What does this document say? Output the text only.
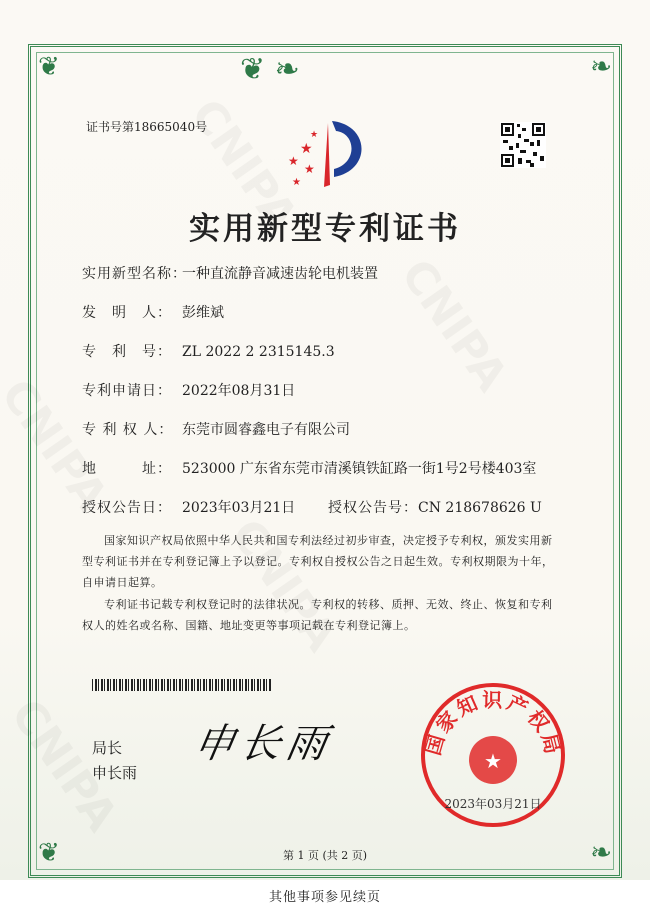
❦ ❧
❦	❧
❦	❧
证书号第18665040号
★
★
★
★
★
实用新型专利证书
实用新型名称：一种直流静音减速齿轮电机装置
发　明　人： 彭维斌
专　利　号： ZL 2022 2 2315145.3
专利申请日： 2022年08月31日
专 利 权 人： 东莞市圆睿鑫电子有限公司
地　　　址： 523000 广东省东莞市清溪镇铁缸路一街1号2号楼403室
授权公告日： 2023年03月21日 授权公告号：CN 218678626 U
国家知识产权局依照中华人民共和国专利法经过初步审查，决定授予专利权，颁发实用新型专利证书并在专利登记簿上予以登记。专利权自授权公告之日起生效。专利权期限为十年，自申请日起算。
专利证书记载专利权登记时的法律状况。专利权的转移、质押、无效、终止、恢复和专利权人的姓名或名称、国籍、地址变更等事项记载在专利登记簿上。
局长
申长雨
申长雨	国家知识产权局
★
2023年03月21日
第 1 页 (共 2 页)
其他事项参见续页
